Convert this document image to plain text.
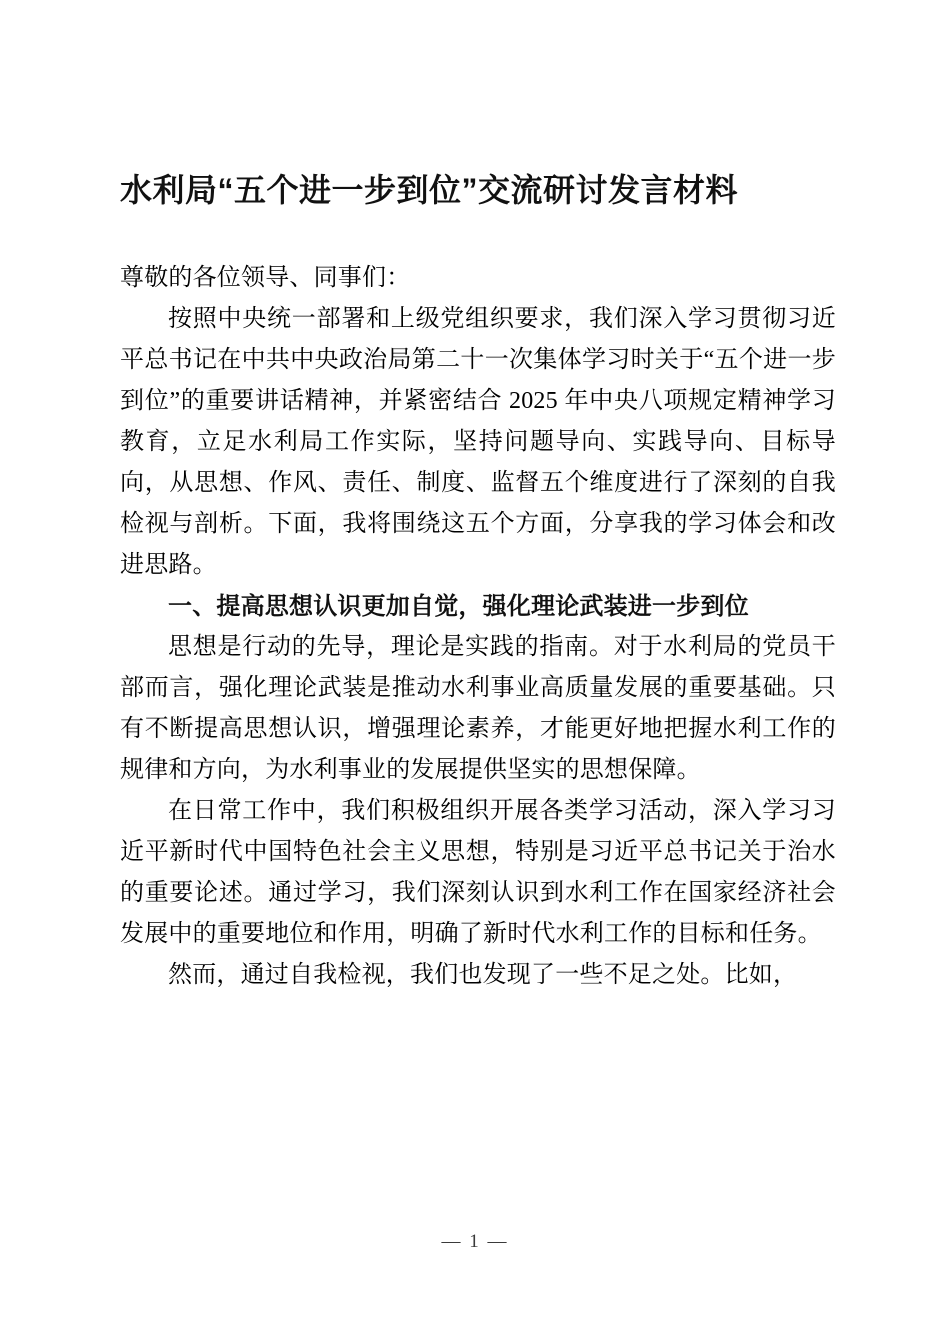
水利局“五个进一步到位”交流研讨发言材料

尊敬的各位领导、同事们：

按照中央统一部署和上级党组织要求，我们深入学习贯彻习近平总书记在中共中央政治局第二十一次集体学习时关于“五个进一步到位”的重要讲话精神，并紧密结合 2025 年中央八项规定精神学习教育，立足水利局工作实际，坚持问题导向、实践导向、目标导向，从思想、作风、责任、制度、监督五个维度进行了深刻的自我检视与剖析。下面，我将围绕这五个方面，分享我的学习体会和改进思路。

一、提高思想认识更加自觉，强化理论武装进一步到位

思想是行动的先导，理论是实践的指南。对于水利局的党员干部而言，强化理论武装是推动水利事业高质量发展的重要基础。只有不断提高思想认识，增强理论素养，才能更好地把握水利工作的规律和方向，为水利事业的发展提供坚实的思想保障。

在日常工作中，我们积极组织开展各类学习活动，深入学习习近平新时代中国特色社会主义思想，特别是习近平总书记关于治水的重要论述。通过学习，我们深刻认识到水利工作在国家经济社会发展中的重要地位和作用，明确了新时代水利工作的目标和任务。

然而，通过自我检视，我们也发现了一些不足之处。比如，

— 1 —
